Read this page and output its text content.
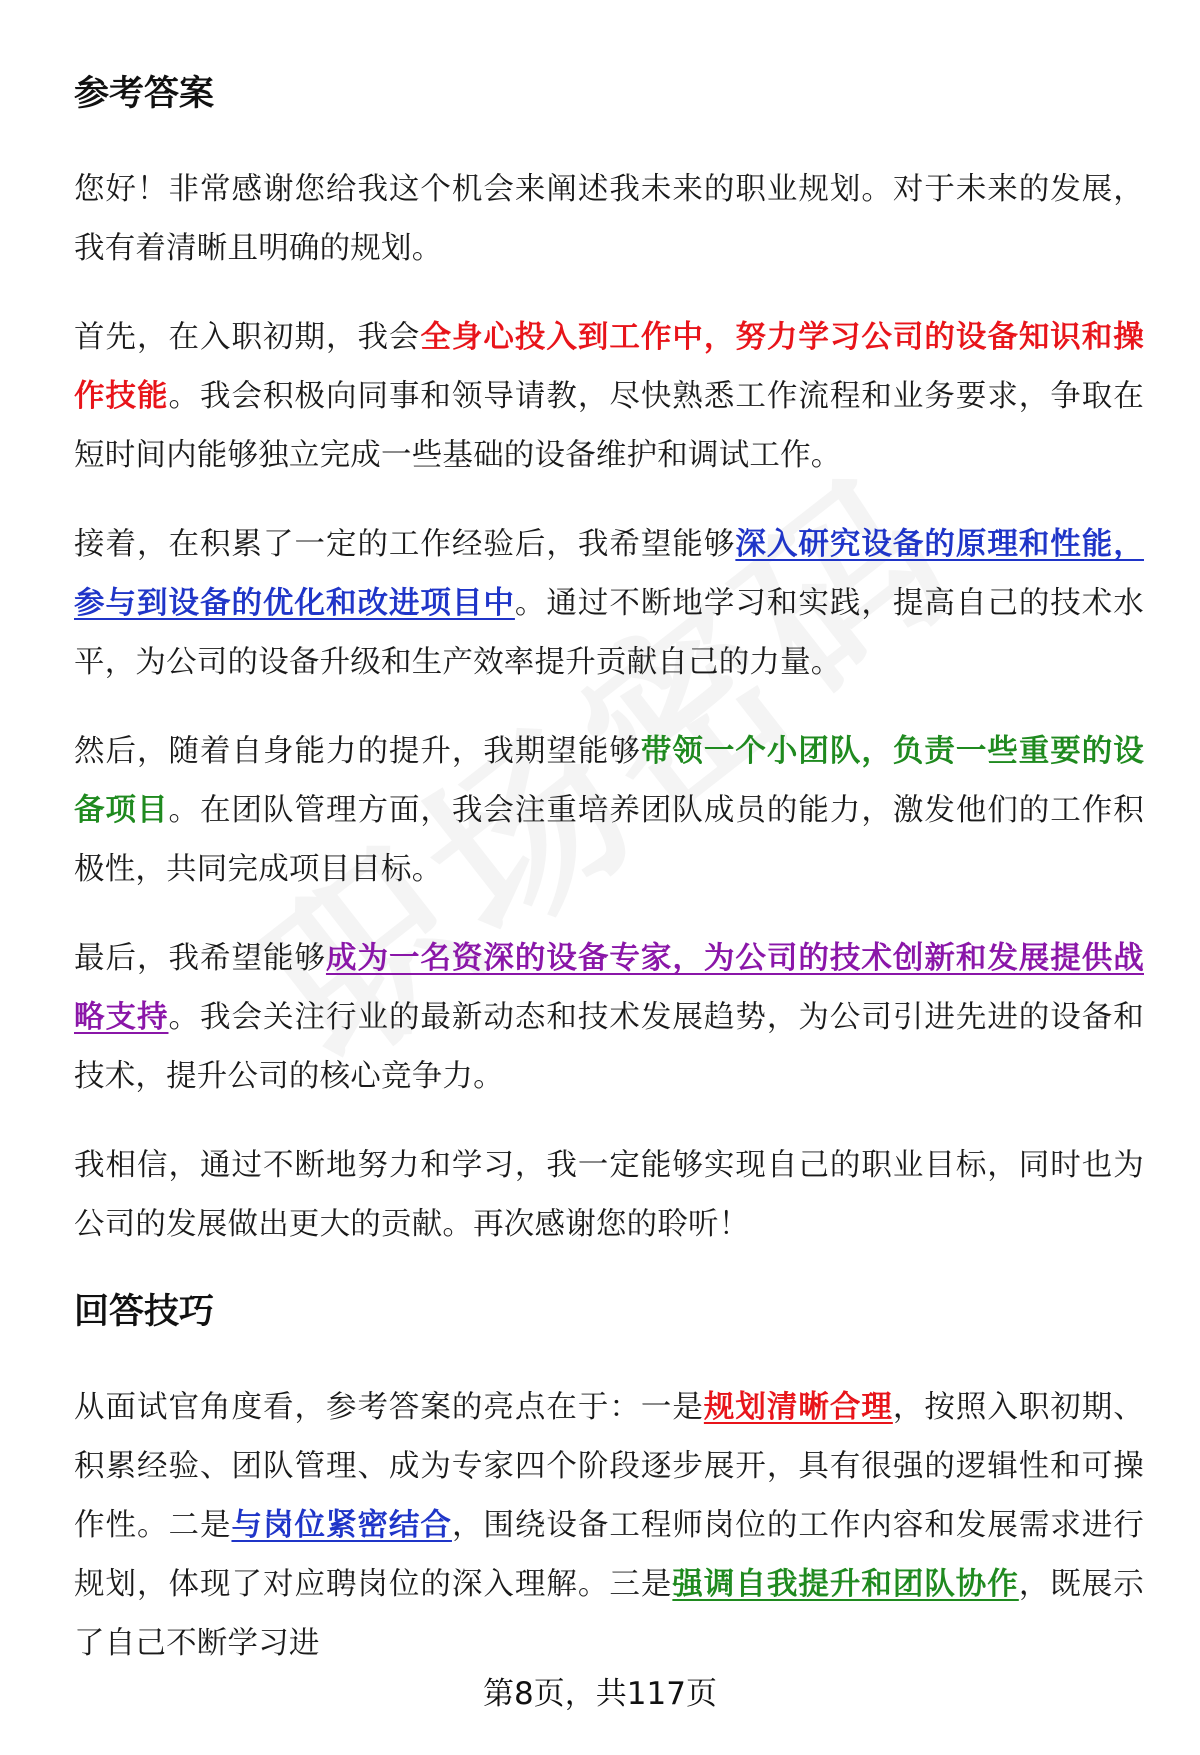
参考答案

您好！非常感谢您给我这个机会来阐述我未来的职业规划。对于未来的发展，我有着清晰且明确的规划。

首先，在入职初期，我会全身心投入到工作中，努力学习公司的设备知识和操作技能。我会积极向同事和领导请教，尽快熟悉工作流程和业务要求，争取在短时间内能够独立完成一些基础的设备维护和调试工作。

接着，在积累了一定的工作经验后，我希望能够深入研究设备的原理和性能，参与到设备的优化和改进项目中。通过不断地学习和实践，提高自己的技术水平，为公司的设备升级和生产效率提升贡献自己的力量。

然后，随着自身能力的提升，我期望能够带领一个小团队，负责一些重要的设备项目。在团队管理方面，我会注重培养团队成员的能力，激发他们的工作积极性，共同完成项目目标。

最后，我希望能够成为一名资深的设备专家，为公司的技术创新和发展提供战略支持。我会关注行业的最新动态和技术发展趋势，为公司引进先进的设备和技术，提升公司的核心竞争力。

我相信，通过不断地努力和学习，我一定能够实现自己的职业目标，同时也为公司的发展做出更大的贡献。再次感谢您的聆听！

回答技巧

从面试官角度看，参考答案的亮点在于：一是规划清晰合理，按照入职初期、积累经验、团队管理、成为专家四个阶段逐步展开，具有很强的逻辑性和可操作性。二是与岗位紧密结合，围绕设备工程师岗位的工作内容和发展需求进行规划，体现了对应聘岗位的深入理解。三是强调自我提升和团队协作，既展示了自己不断学习进

第8页，共117页
